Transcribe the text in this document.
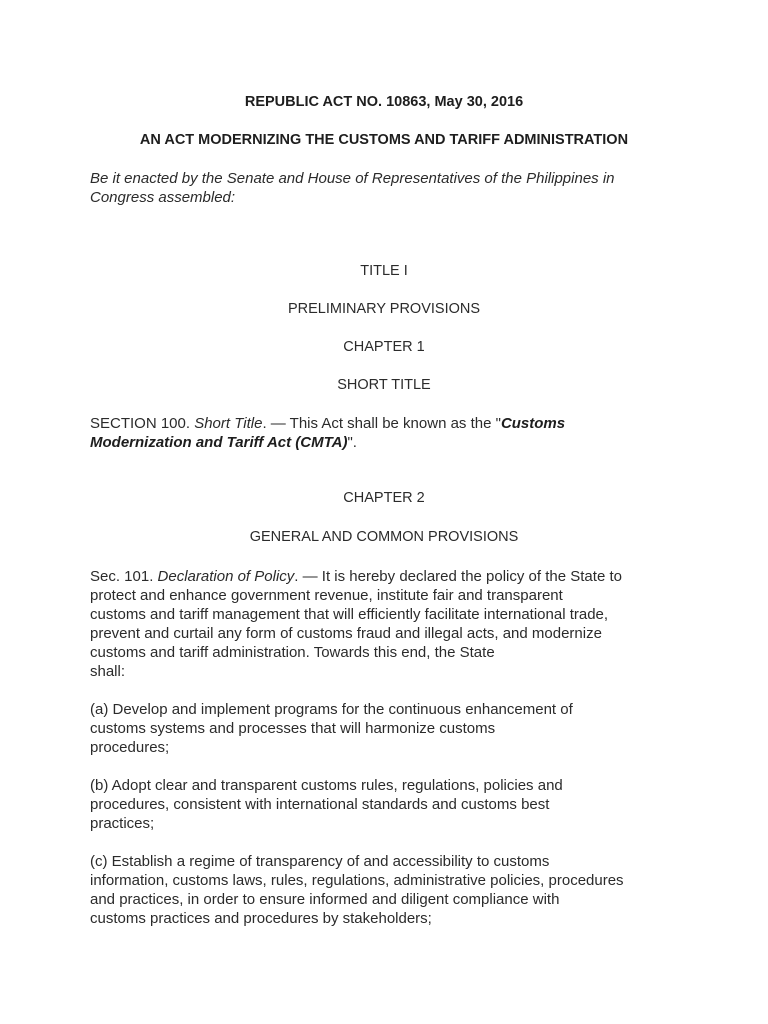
REPUBLIC ACT NO. 10863, May 30, 2016
AN ACT MODERNIZING THE CUSTOMS AND TARIFF ADMINISTRATION
Be it enacted by the Senate and House of Representatives of the Philippines in
Congress assembled:
TITLE I
PRELIMINARY PROVISIONS
CHAPTER 1
SHORT TITLE
SECTION 100. Short Title. — This Act shall be known as the "Customs
Modernization and Tariff Act (CMTA)".
CHAPTER 2
GENERAL AND COMMON PROVISIONS
Sec. 101. Declaration of Policy. — It is hereby declared the policy of the State to
protect and enhance government revenue, institute fair and transparent
customs and tariff management that will efficiently facilitate international trade,
prevent and curtail any form of customs fraud and illegal acts, and modernize
customs and tariff administration. Towards this end, the State
shall:
(a) Develop and implement programs for the continuous enhancement of
customs systems and processes that will harmonize customs
procedures;
(b) Adopt clear and transparent customs rules, regulations, policies and
procedures, consistent with international standards and customs best
practices;
(c) Establish a regime of transparency of and accessibility to customs
information, customs laws, rules, regulations, administrative policies, procedures
and practices, in order to ensure informed and diligent compliance with
customs practices and procedures by stakeholders;
